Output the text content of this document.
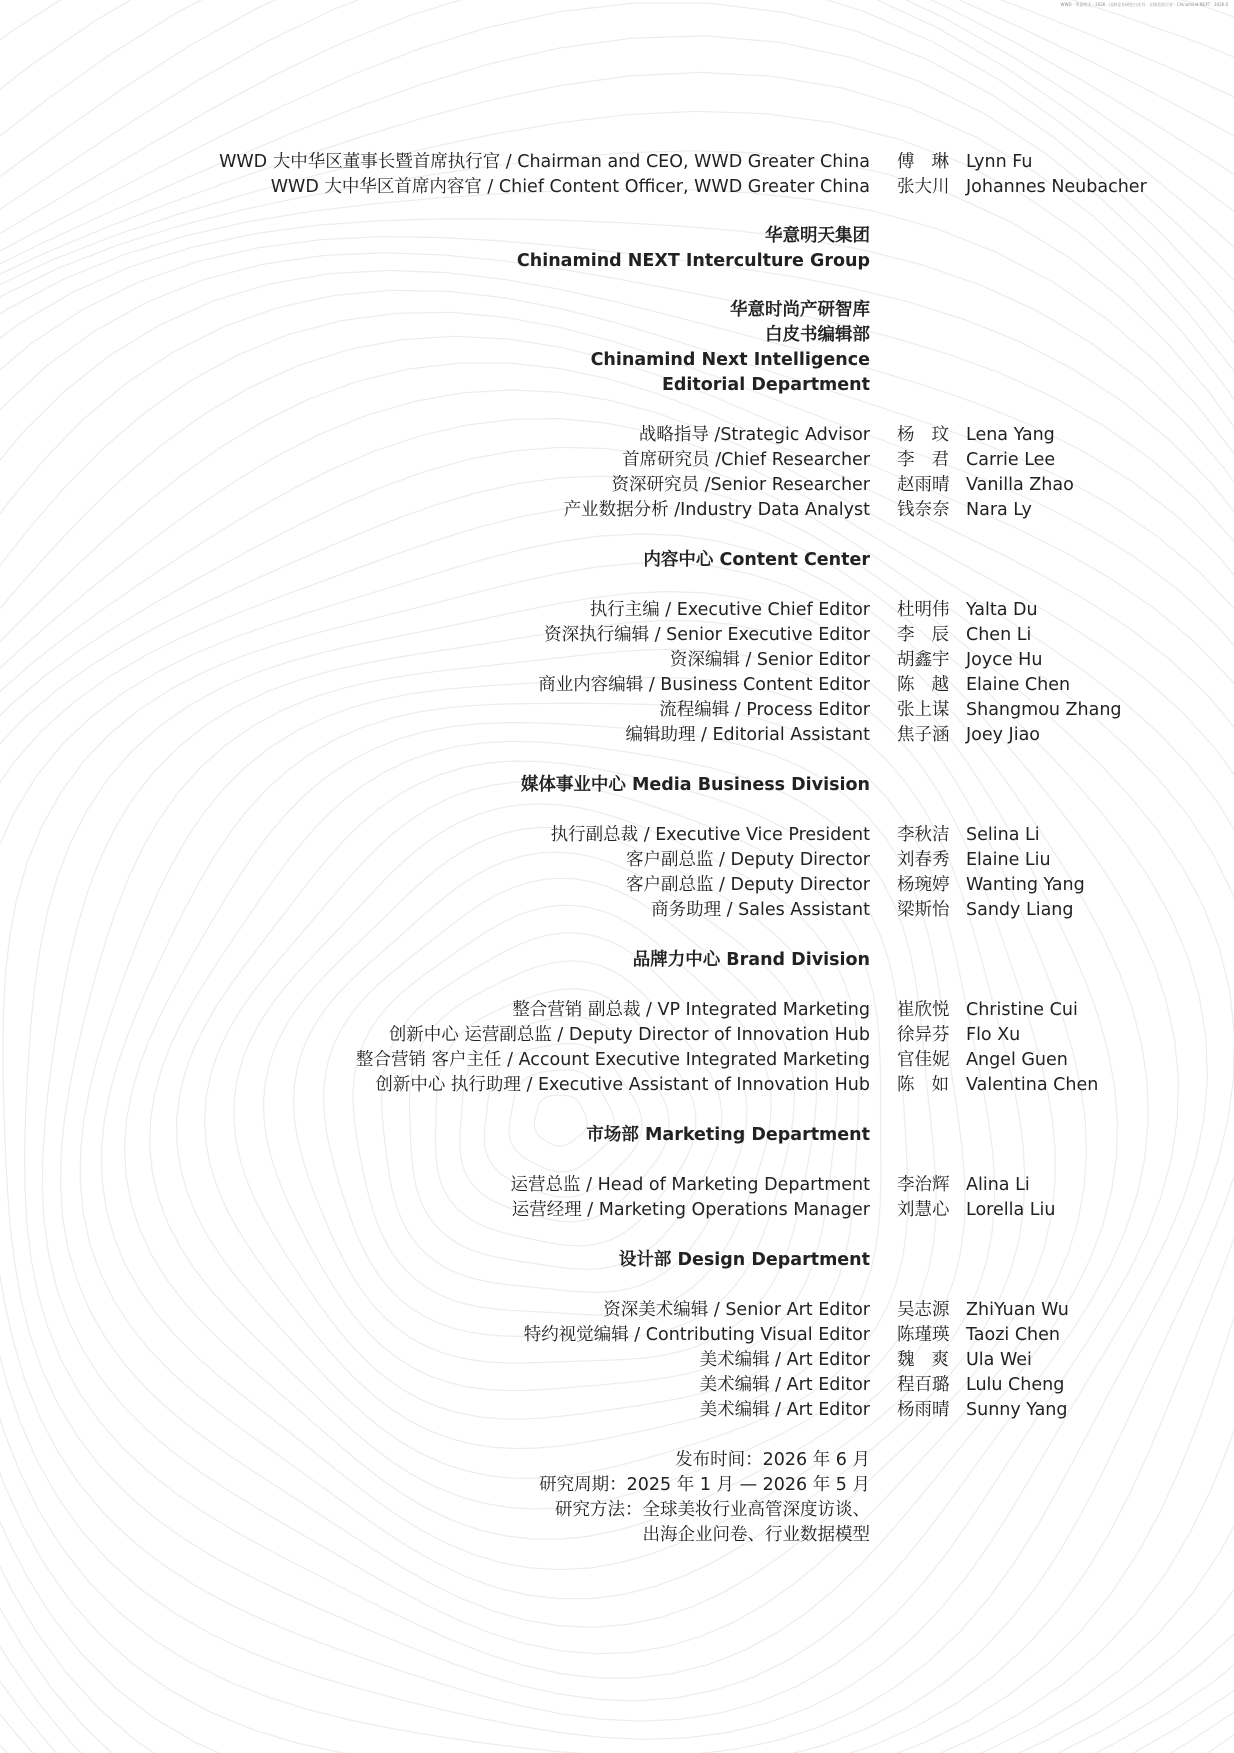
WWD · 华意明天 · 2026 · 出海企业研究白皮书 · 全球美妆行业 · Chinamind NEXT · 2026.6
WWD 大中华区董事长暨首席执行官 / Chairman and CEO, WWD Greater China 傅 琳 Lynn Fu
WWD 大中华区首席内容官 / Chief Content Officer, WWD Greater China 张大川 Johannes Neubacher
华意明天集团
Chinamind NEXT Interculture Group
华意时尚产研智库
白皮书编辑部
Chinamind Next Intelligence
Editorial Department
战略指导 /Strategic Advisor 杨 玟 Lena Yang
首席研究员 /Chief Researcher 李 君 Carrie Lee
资深研究员 /Senior Researcher 赵雨晴 Vanilla Zhao
产业数据分析 /Industry Data Analyst 钱奈奈 Nara Ly
内容中心 Content Center
执行主编 / Executive Chief Editor 杜明伟 Yalta Du
资深执行编辑 / Senior Executive Editor 李 辰 Chen Li
资深编辑 / Senior Editor 胡鑫宇 Joyce Hu
商业内容编辑 / Business Content Editor 陈 越 Elaine Chen
流程编辑 / Process Editor 张上谋 Shangmou Zhang
编辑助理 / Editorial Assistant 焦子涵 Joey Jiao
媒体事业中心 Media Business Division
执行副总裁 / Executive Vice President 李秋洁 Selina Li
客户副总监 / Deputy Director 刘春秀 Elaine Liu
客户副总监 / Deputy Director 杨琬婷 Wanting Yang
商务助理 / Sales Assistant 梁斯怡 Sandy Liang
品牌力中心 Brand Division
整合营销 副总裁 / VP Integrated Marketing 崔欣悦 Christine Cui
创新中心 运营副总监 / Deputy Director of Innovation Hub 徐异芬 Flo Xu
整合营销 客户主任 / Account Executive Integrated Marketing 官佳妮 Angel Guen
创新中心 执行助理 / Executive Assistant of Innovation Hub 陈 如 Valentina Chen
市场部 Marketing Department
运营总监 / Head of Marketing Department 李治辉 Alina Li
运营经理 / Marketing Operations Manager 刘慧心 Lorella Liu
设计部 Design Department
资深美术编辑 / Senior Art Editor 吴志源 ZhiYuan Wu
特约视觉编辑 / Contributing Visual Editor 陈瑾瑛 Taozi Chen
美术编辑 / Art Editor 魏 爽 Ula Wei
美术编辑 / Art Editor 程百璐 Lulu Cheng
美术编辑 / Art Editor 杨雨晴 Sunny Yang
发布时间：2026 年 6 月
研究周期：2025 年 1 月 — 2026 年 5 月
研究方法：全球美妆行业高管深度访谈、
出海企业问卷、行业数据模型
